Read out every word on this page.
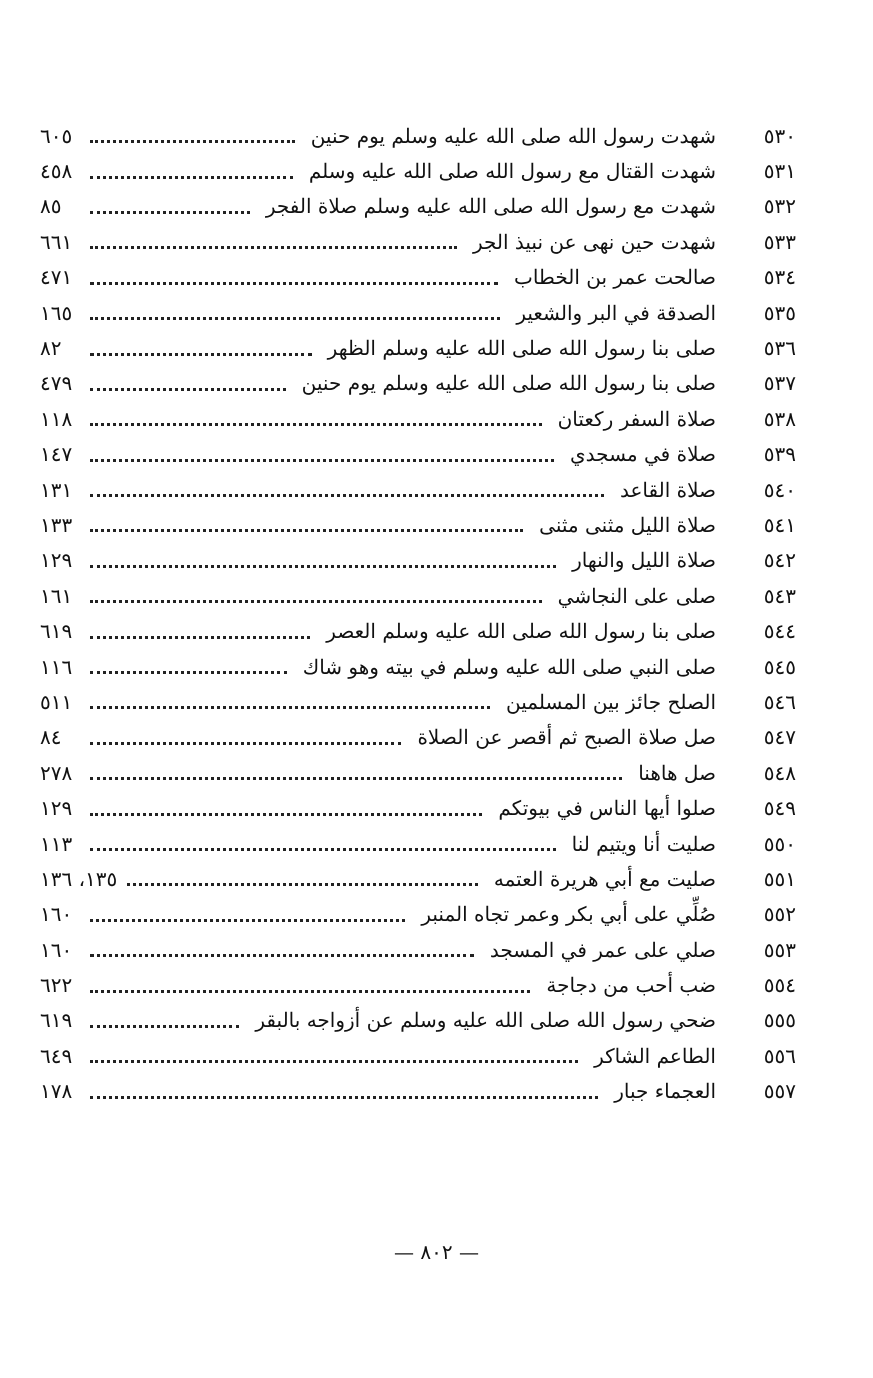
٥٣٠
شهدت رسول الله صلى الله عليه وسلم يوم حنين
٦٠٥
٥٣١
شهدت القتال مع رسول الله صلى الله عليه وسلم
٤٥٨
٥٣٢
شهدت مع رسول الله صلى الله عليه وسلم صلاة الفجر
٨٥
٥٣٣
شهدت حين نهى عن نبيذ الجر
٦٦١
٥٣٤
صالحت عمر بن الخطاب
٤٧١
٥٣٥
الصدقة في البر والشعير
١٦٥
٥٣٦
صلى بنا رسول الله صلى الله عليه وسلم الظهر
٨٢
٥٣٧
صلى بنا رسول الله صلى الله عليه وسلم يوم حنين
٤٧٩
٥٣٨
صلاة السفر ركعتان
١١٨
٥٣٩
صلاة في مسجدي
١٤٧
٥٤٠
صلاة القاعد
١٣١
٥٤١
صلاة الليل مثنى مثنى
١٣٣
٥٤٢
صلاة الليل والنهار
١٢٩
٥٤٣
صلى على النجاشي
١٦١
٥٤٤
صلى بنا رسول الله صلى الله عليه وسلم العصر
٦١٩
٥٤٥
صلى النبي صلى الله عليه وسلم في بيته وهو شاك
١١٦
٥٤٦
الصلح جائز بين المسلمين
٥١١
٥٤٧
صل صلاة الصبح ثم أقصر عن الصلاة
٨٤
٥٤٨
صل هاهنا
٢٧٨
٥٤٩
صلوا أيها الناس في بيوتكم
١٢٩
٥٥٠
صليت أنا ويتيم لنا
١١٣
٥٥١
صليت مع أبي هريرة العتمه
١٣٥، ١٣٦
٥٥٢
صُلِّي على أبي بكر وعمر تجاه المنبر
١٦٠
٥٥٣
صلي على عمر في المسجد
١٦٠
٥٥٤
ضب أحب من دجاجة
٦٢٢
٥٥٥
ضحي رسول الله صلى الله عليه وسلم عن أزواجه بالبقر
٦١٩
٥٥٦
الطاعم الشاكر
٦٤٩
٥٥٧
العجماء جبار
١٧٨
— ٨٠٢ —
